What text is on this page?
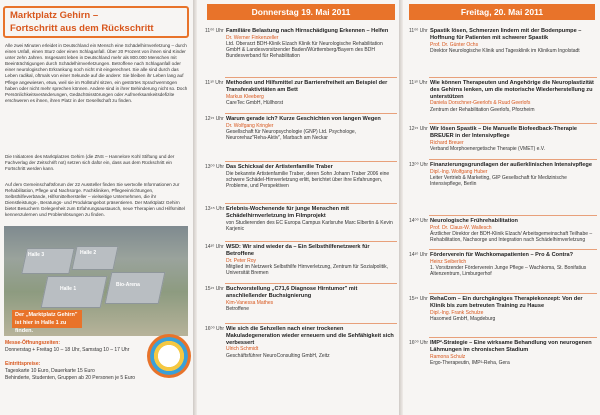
Marktplatz Gehirn –
Fortschritt aus dem Rückschritt
Alle zwei Minuten erleidet in Deutschland ein Mensch eine Schädelhirnverletzung – durch einen Unfall, einen Sturz oder einen Schlaganfall. Über 20 Prozent von ihnen sind Kinder unter zehn Jahren. Insgesamt leben in Deutschland mehr als 800.000 Menschen mit Beeinträchtigungen durch Schädelhirnverletzungen. Betroffene nach Schlaganfall oder einer neurologischen Erkrankung noch nicht mit eingerechnet. Sie alle sind durch das Leben radikal, oftmals von einer Sekunde auf die andere: Sie bleiben ihr Leben lang auf Pflege angewiesen, etwa, weil sie im Rollstuhl sitzen, ein gestörtes Sprachvermögen haben oder nicht mehr sprechen können. Andere sind in ihrer Behinderung nicht so. Doch Persönlichkeitsveränderungen, Gedächtnisstörungen oder Aufmerksamkeitsdefizite erschweren es ihnen, ihren Platz in der Gesellschaft zu finden.
Die Initiatoren des Marktplatzes Gehirn (die ZNS – Hannelore Kohl Stiftung und der Fachverlag der Zeitschrift not) setzen sich dafür ein, dass aus dem Rückschritt ein Fortschritt werden kann.
Auf dem Gemeinschaftsforum der 22 Aussteller finden Sie wertvolle Informationen zur Rehabilitation, Pflege und Nachsorge. Fachkliniken, Pflegeeinrichtungen, Selbsthilfeverbände, Hilfsmittelhersteller – vielseitige Unternehmen, die ihr Dienstleistungs-, Beratungs- und Produktangebot präsentieren. Der Marktplatz Gehirn bietet Besuchern Gelegenheit zum Erfahrungsaustausch, neue Therapien und Hilfsmittel kennenzulernen und Problemlösungen zu finden.
Halle 3	Halle 2
Halle 1
Bio-Arena
Der „Marktplatz Gehirn" ist hier in Halle 1 zu finden.
Messe-Öffnungszeiten:
Donnerstag + Freitag 10 – 18 Uhr, Samstag 10 – 17 Uhr
Eintrittspreise:
Tageskarte 10 Euro, Dauerkarte 15 Euro
Behinderte, Studenten, Gruppen ab 20 Personen je 5 Euro
Donnerstag 19. Mai 2011
11⁰⁰ Uhr Familiäre Belastung nach Hirnschädigung Erkennen – Helfen
Dr. Werner Finkenzeller
Ltd. Oberarzt BDH-Klinik Elzach Klinik für Neurologische Rehabilitation GmbH & Landesvorsitzender Baden/Württemberg/Bayern des BDH Bundesverband für Rehabilitation
11³⁰ Uhr Methoden und Hilfsmittel zur Barrierefreiheit am Beispiel der Transferaktivitäten am Bett
Markus Kleeberg
CareTec GmbH, Hüllhorst
12¹⁵ Uhr Warum gerade ich? Kurze Geschichten von langen Wegen
Dr. Wolfgang Kringler
Gesellschaft für Neuropsychologie (GNP) Ltd. Psychologe, Neurorehaz"Reha-Aktiv", Marbach am Neckar
13⁰⁰ Uhr Das Schicksal der Artistenfamilie Traber
Die bekannte Artistenfamilie Traber, deren Sohn Johann Traber 2006 eine schwere Schädel-Hirnverletzung erlitt, berichtet über ihre Erfahrungen, Probleme, und Perspektiven
13⁴⁵ Uhr Erlebnis-Wochenende für junge Menschen mit Schädelhirnverletzung im Filmprojekt
von Studierenden des EC Europa Campus Karlsruhe Marc Elbertin & Kevin Karjenic
14³⁰ Uhr WSD: Wir sind wieder da – Ein Selbsthilfenetzwerk für Betroffene
Dr. Peter Roy
Mitglied im Netzwerk Selbsthilfe Hirnverletzung, Zentrum für Sozialpolitik, Universität Bremen
15¹⁵ Uhr Buchvorstellung „C71,6 Diagnose Hirntumor" mit anschließender Buchsignierung
Kim-Vanessa Mathes
Betroffene
16⁰⁰ Uhr Wie sich die Sehzellen nach einer trockenen Makuladegeneration wieder erneuern und die Sehfähigkeit sich verbessert
Ulrich Schmidt
Geschäftsführer NeuroConsulting GmbH, Zeitz
Freitag, 20. Mai 2011
11⁰⁰ Uhr Spastik lösen, Schmerzen lindern mit der Bodenpumpe – Hoffnung für Patienten mit schwerer Spastik
Prof. Dr. Günter Ochs
Direktor Neurologische Klinik und Tagesklinik im Klinikum Ingolstadt
11³⁰ Uhr Wie können Therapeuten und Angehörige die Neuroplastizität des Gehirns lenken, um die motorische Wiederherstellung zu unterstützen
Daniela Dorschner-Geerlofs & Ruud Geerlofs
Zentrum der Rehabilitation Geerlofs, Pforzheim
12¹⁵ Uhr Wir lösen Spastik – Die Manuelle Biofeedback-Therapie BREUER in der Intensivpflege
Richard Breuer
Verband Morphoenergetische Therapie (VMET) e.V.
13⁰⁰ Uhr Finanzierungsgrundlagen der außerklinischen Intensivpflege
Dipl.-Ing. Wolfgang Huber
Leiter Vertrieb & Marketing, GIP Gesellschaft für Medizinische Intensivpflege, Berlin
14⁰⁰ Uhr Neurologische Frührehabilitation
Prof. Dr. Claus-W. Wallesch
Ärztlicher Direktor der BDH-Klinik Elzach/ Arbeitsgemeinschaft Teilhabe – Rehabilitation, Nachsorge und Integration nach Schädelhirnverletzung
14³⁰ Uhr Förderverein für Wachkomapatienten – Pro & Contra?
Heinz Seiberlich
1. Vorsitzender Förderverein Junge Pflege – Wachkoma, St. Bonifatius Altenzentrum, Limburgerhof
15¹⁵ Uhr RehaCom – Ein durchgängiges Therapiekonzept: Von der Klinik bis zum betreuten Training zu Hause
Dipl.-Ing. Frank Schulze
Hasomed GmbH, Magdeburg
16⁰⁰ Uhr IMP²-Strategie – Eine wirksame Behandlung von neurogenen Lähmungen im chronischen Stadium
Ramona Schulz
Ergo-Therapeutin, IMP²-Reha, Gera
